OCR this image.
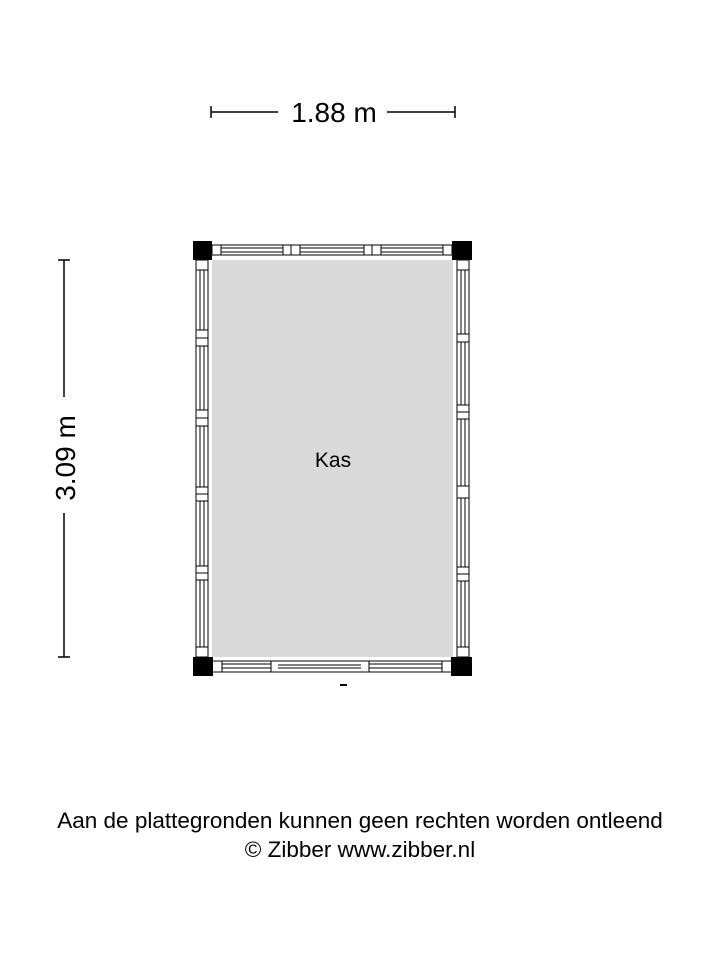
1.88 m
3.09 m	Kas
Aan de plattegronden kunnen geen rechten worden ontleend
© Zibber www.zibber.nl
